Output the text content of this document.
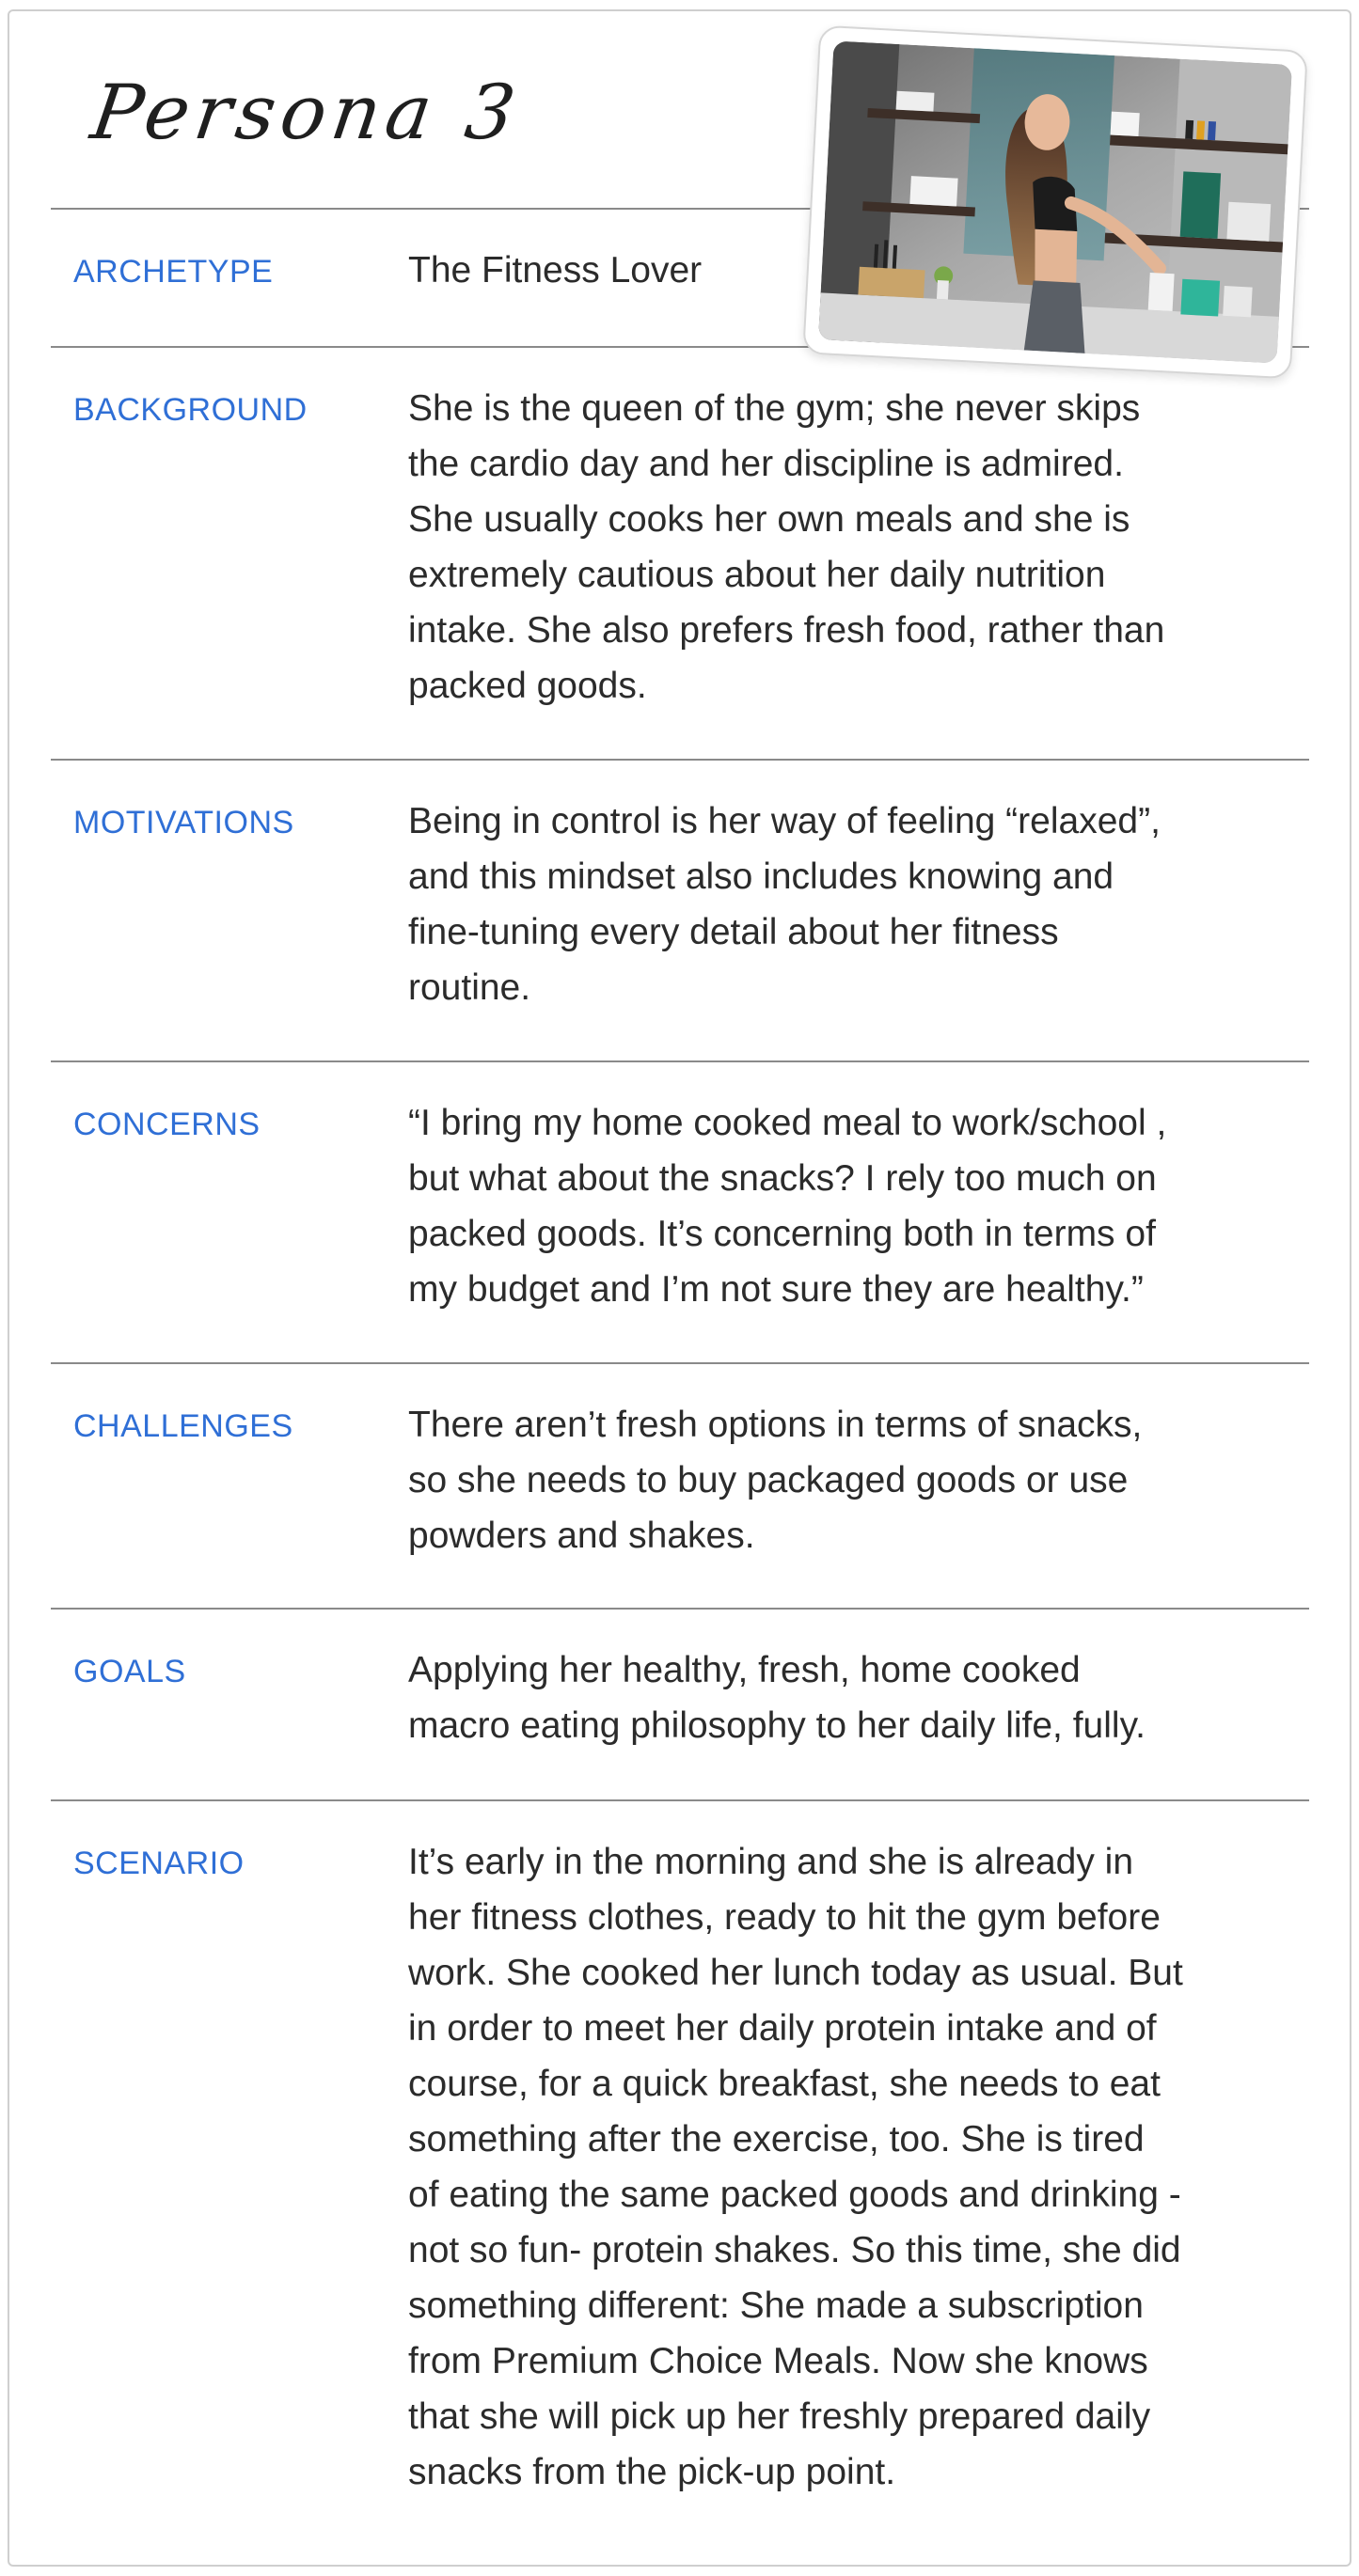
Persona 3
ARCHETYPE	The Fitness Lover
BACKGROUND	She is the queen of the gym; she never skips
the cardio day and her discipline is admired.
She usually cooks her own meals and she is
extremely cautious about her daily nutrition
intake. She also prefers fresh food, rather than
packed goods.
MOTIVATIONS	Being in control is her way of feeling “relaxed”,
and this mindset also includes knowing and
fine-tuning every detail about her fitness
routine.
CONCERNS	“I bring my home cooked meal to work/school ,
but what about the snacks? I rely too much on
packed goods. It’s concerning both in terms of
my budget and I’m not sure they are healthy.”
CHALLENGES	There aren’t fresh options in terms of snacks,
so she needs to buy packaged goods or use
powders and shakes.
GOALS	Applying her healthy, fresh, home cooked
macro eating philosophy to her daily life, fully.
SCENARIO	It’s early in the morning and she is already in
her fitness clothes, ready to hit the gym before
work. She cooked her lunch today as usual. But
in order to meet her daily protein intake and of
course, for a quick breakfast, she needs to eat
something after the exercise, too. She is tired
of eating the same packed goods and drinking -
not so fun- protein shakes. So this time, she did
something different: She made a subscription
from Premium Choice Meals. Now she knows
that she will pick up her freshly prepared daily
snacks from the pick-up point.
